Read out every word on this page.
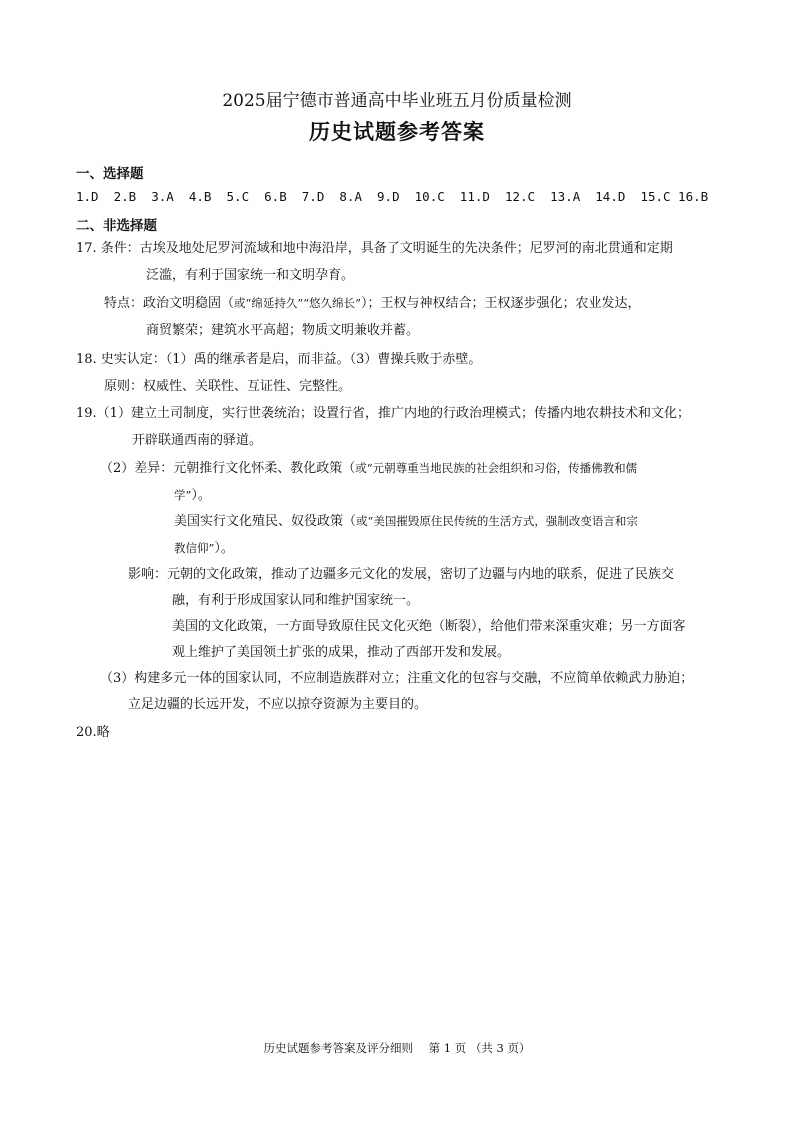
2025届宁德市普通高中毕业班五月份质量检测
历史试题参考答案
一、选择题
1.D  2.B  3.A  4.B  5.C  6.B  7.D  8.A  9.D  10.C  11.D  12.C  13.A  14.D  15.C 16.B
二、非选择题
17. 条件：古埃及地处尼罗河流域和地中海沿岸，具备了文明诞生的先决条件；尼罗河的南北贯通和定期
泛滥，有利于国家统一和文明孕育。
特点：政治文明稳固（或“绵延持久”“悠久绵长”）；王权与神权结合；王权逐步强化；农业发达，
商贸繁荣；建筑水平高超；物质文明兼收并蓄。
18. 史实认定：（1）禹的继承者是启，而非益。（3）曹操兵败于赤壁。
原则：权威性、关联性、互证性、完整性。
19.（1）建立土司制度，实行世袭统治；设置行省，推广内地的行政治理模式；传播内地农耕技术和文化；
开辟联通西南的驿道。
（2）差异：元朝推行文化怀柔、教化政策（或“元朝尊重当地民族的社会组织和习俗，传播佛教和儒
学”）。
美国实行文化殖民、奴役政策（或“美国摧毁原住民传统的生活方式，强制改变语言和宗
教信仰”）。
影响：元朝的文化政策，推动了边疆多元文化的发展，密切了边疆与内地的联系，促进了民族交
融，有利于形成国家认同和维护国家统一。
美国的文化政策，一方面导致原住民文化灭绝（断裂），给他们带来深重灾难；另一方面客
观上维护了美国领土扩张的成果，推动了西部开发和发展。
（3）构建多元一体的国家认同，不应制造族群对立；注重文化的包容与交融，不应简单依赖武力胁迫；
立足边疆的长远开发，不应以掠夺资源为主要目的。
20.略
历史试题参考答案及评分细则 第 1 页 （共 3 页）
